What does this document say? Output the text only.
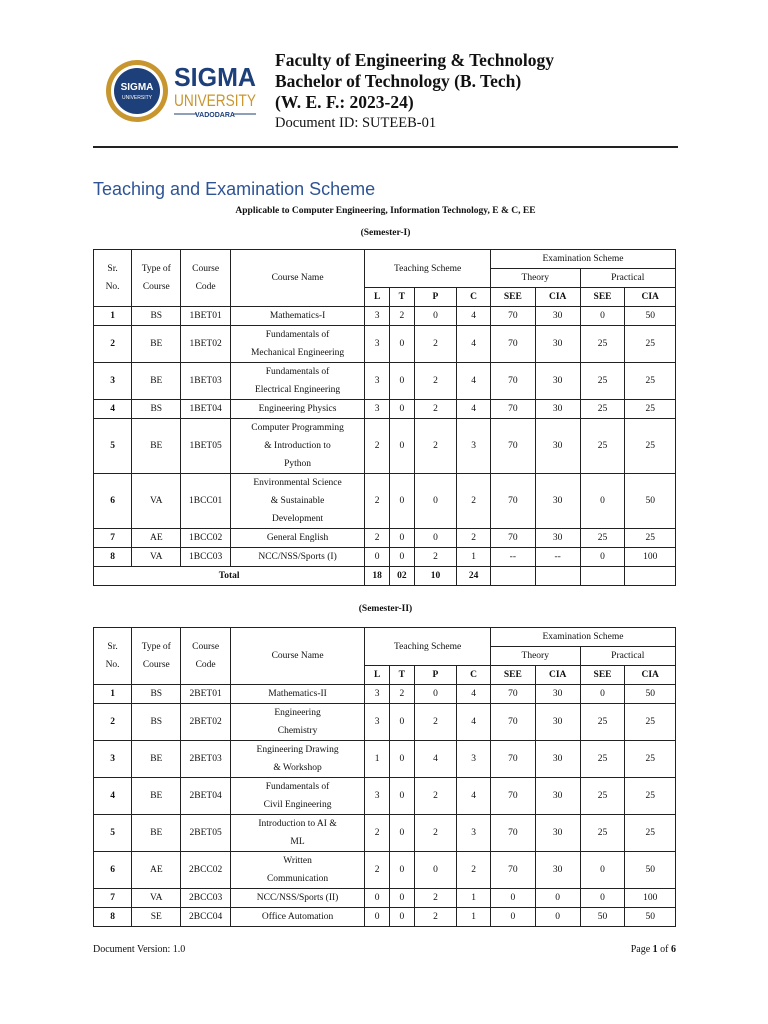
SIGMA
UNIVERSITY
SIGMA
UNIVERSITY
VADODARA
Faculty of Engineering & Technology
Bachelor of Technology (B. Tech)
(W. E. F.: 2023-24)
Document ID: SUTEEB-01
Teaching and Examination Scheme
Applicable to Computer Engineering, Information Technology, E & C, EE
(Semester-I)
Sr.
No.	Type of
Course	Course
Code	Course Name	Teaching Scheme				Examination Scheme			
								Theory		Practical	
				L	T	P	C	SEE	CIA	SEE	CIA
1	BS	1BET01	Mathematics-I	3	2	0	4	70	30	0	50
2	BE	1BET02	Fundamentals of
Mechanical Engineering	3	0	2	4	70	30	25	25
3	BE	1BET03	Fundamentals of
Electrical Engineering	3	0	2	4	70	30	25	25
4	BS	1BET04	Engineering Physics	3	0	2	4	70	30	25	25
5	BE	1BET05	Computer Programming
& Introduction to
Python	2	0	2	3	70	30	25	25
6	VA	1BCC01	Environmental Science
& Sustainable
Development	2	0	0	2	70	30	0	50
7	AE	1BCC02	General English	2	0	0	2	70	30	25	25
8	VA	1BCC03	NCC/NSS/Sports (I)	0	0	2	1	--	--	0	100
Total				18	02	10	24				
(Semester-II)
Sr.
No.	Type of
Course	Course
Code	Course Name	Teaching Scheme				Examination Scheme			
								Theory		Practical	
				L	T	P	C	SEE	CIA	SEE	CIA
1	BS	2BET01	Mathematics-II	3	2	0	4	70	30	0	50
2	BS	2BET02	Engineering
Chemistry	3	0	2	4	70	30	25	25
3	BE	2BET03	Engineering Drawing
& Workshop	1	0	4	3	70	30	25	25
4	BE	2BET04	Fundamentals of
Civil Engineering	3	0	2	4	70	30	25	25
5	BE	2BET05	Introduction to AI &
ML	2	0	2	3	70	30	25	25
6	AE	2BCC02	Written
Communication	2	0	0	2	70	30	0	50
7	VA	2BCC03	NCC/NSS/Sports (II)	0	0	2	1	0	0	0	100
8	SE	2BCC04	Office Automation	0	0	2	1	0	0	50	50
Document Version: 1.0	Page 1 of 6
